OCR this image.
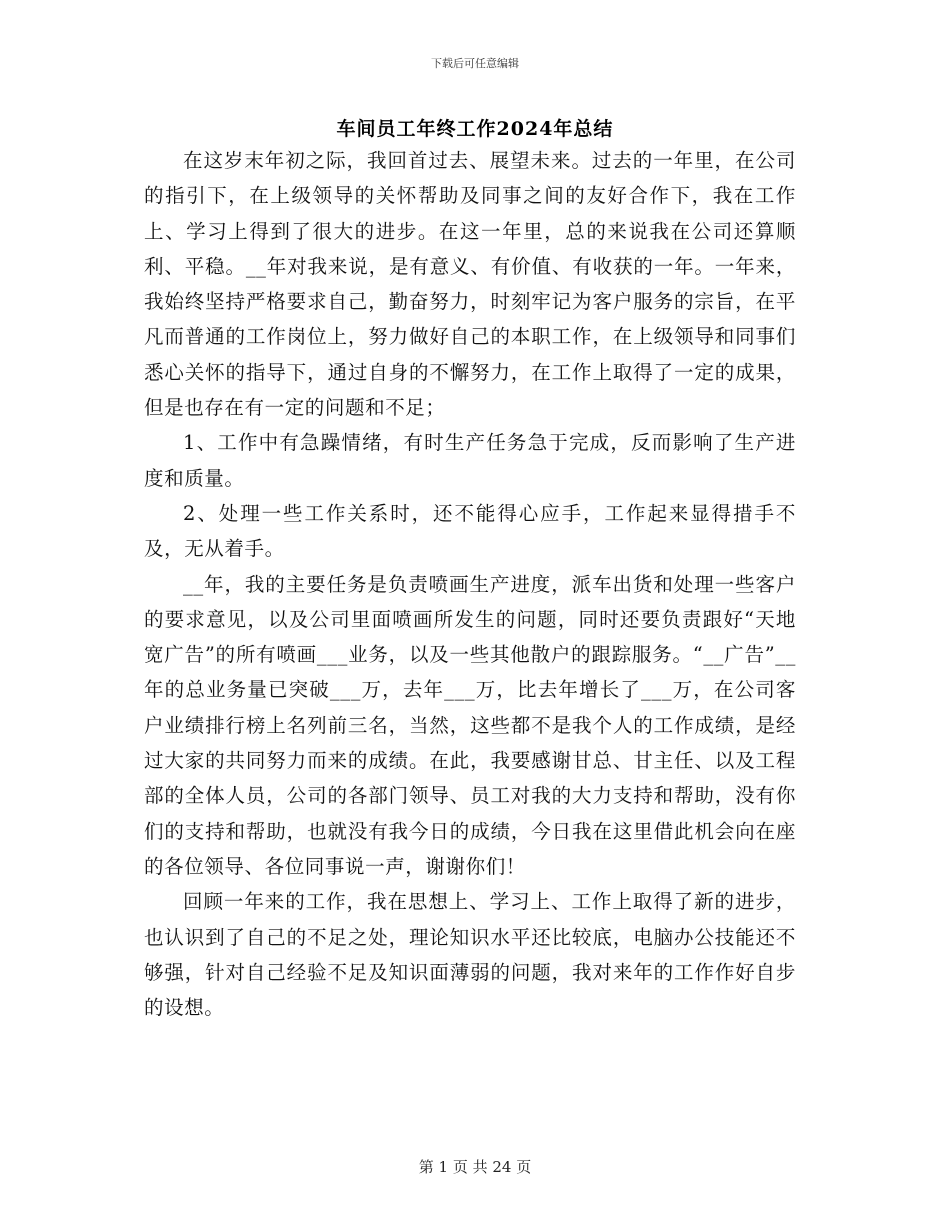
下载后可任意编辑
车间员工年终工作2024年总结

在这岁末年初之际，我回首过去、展望未来。过去的一年里，在公司的指引下，在上级领导的关怀帮助及同事之间的友好合作下，我在工作上、学习上得到了很大的进步。在这一年里，总的来说我在公司还算顺利、平稳。__年对我来说，是有意义、有价值、有收获的一年。一年来，我始终坚持严格要求自己，勤奋努力，时刻牢记为客户服务的宗旨，在平凡而普通的工作岗位上，努力做好自己的本职工作，在上级领导和同事们悉心关怀的指导下，通过自身的不懈努力，在工作上取得了一定的成果，但是也存在有一定的问题和不足；

1、工作中有急躁情绪，有时生产任务急于完成，反而影响了生产进度和质量。

2、处理一些工作关系时，还不能得心应手，工作起来显得措手不及，无从着手。

__年，我的主要任务是负责喷画生产进度，派车出货和处理一些客户的要求意见，以及公司里面喷画所发生的问题，同时还要负责跟好“天地宽广告”的所有喷画___业务，以及一些其他散户的跟踪服务。“__广告”__年的总业务量已突破___万，去年___万，比去年增长了___万，在公司客户业绩排行榜上名列前三名，当然，这些都不是我个人的工作成绩，是经过大家的共同努力而来的成绩。在此，我要感谢甘总、甘主任、以及工程部的全体人员，公司的各部门领导、员工对我的大力支持和帮助，没有你们的支持和帮助，也就没有我今日的成绩，今日我在这里借此机会向在座的各位领导、各位同事说一声，谢谢你们！

回顾一年来的工作，我在思想上、学习上、工作上取得了新的进步，也认识到了自己的不足之处，理论知识水平还比较底，电脑办公技能还不够强，针对自己经验不足及知识面薄弱的问题，我对来年的工作作好自步的设想。

第 1 页 共 24 页
